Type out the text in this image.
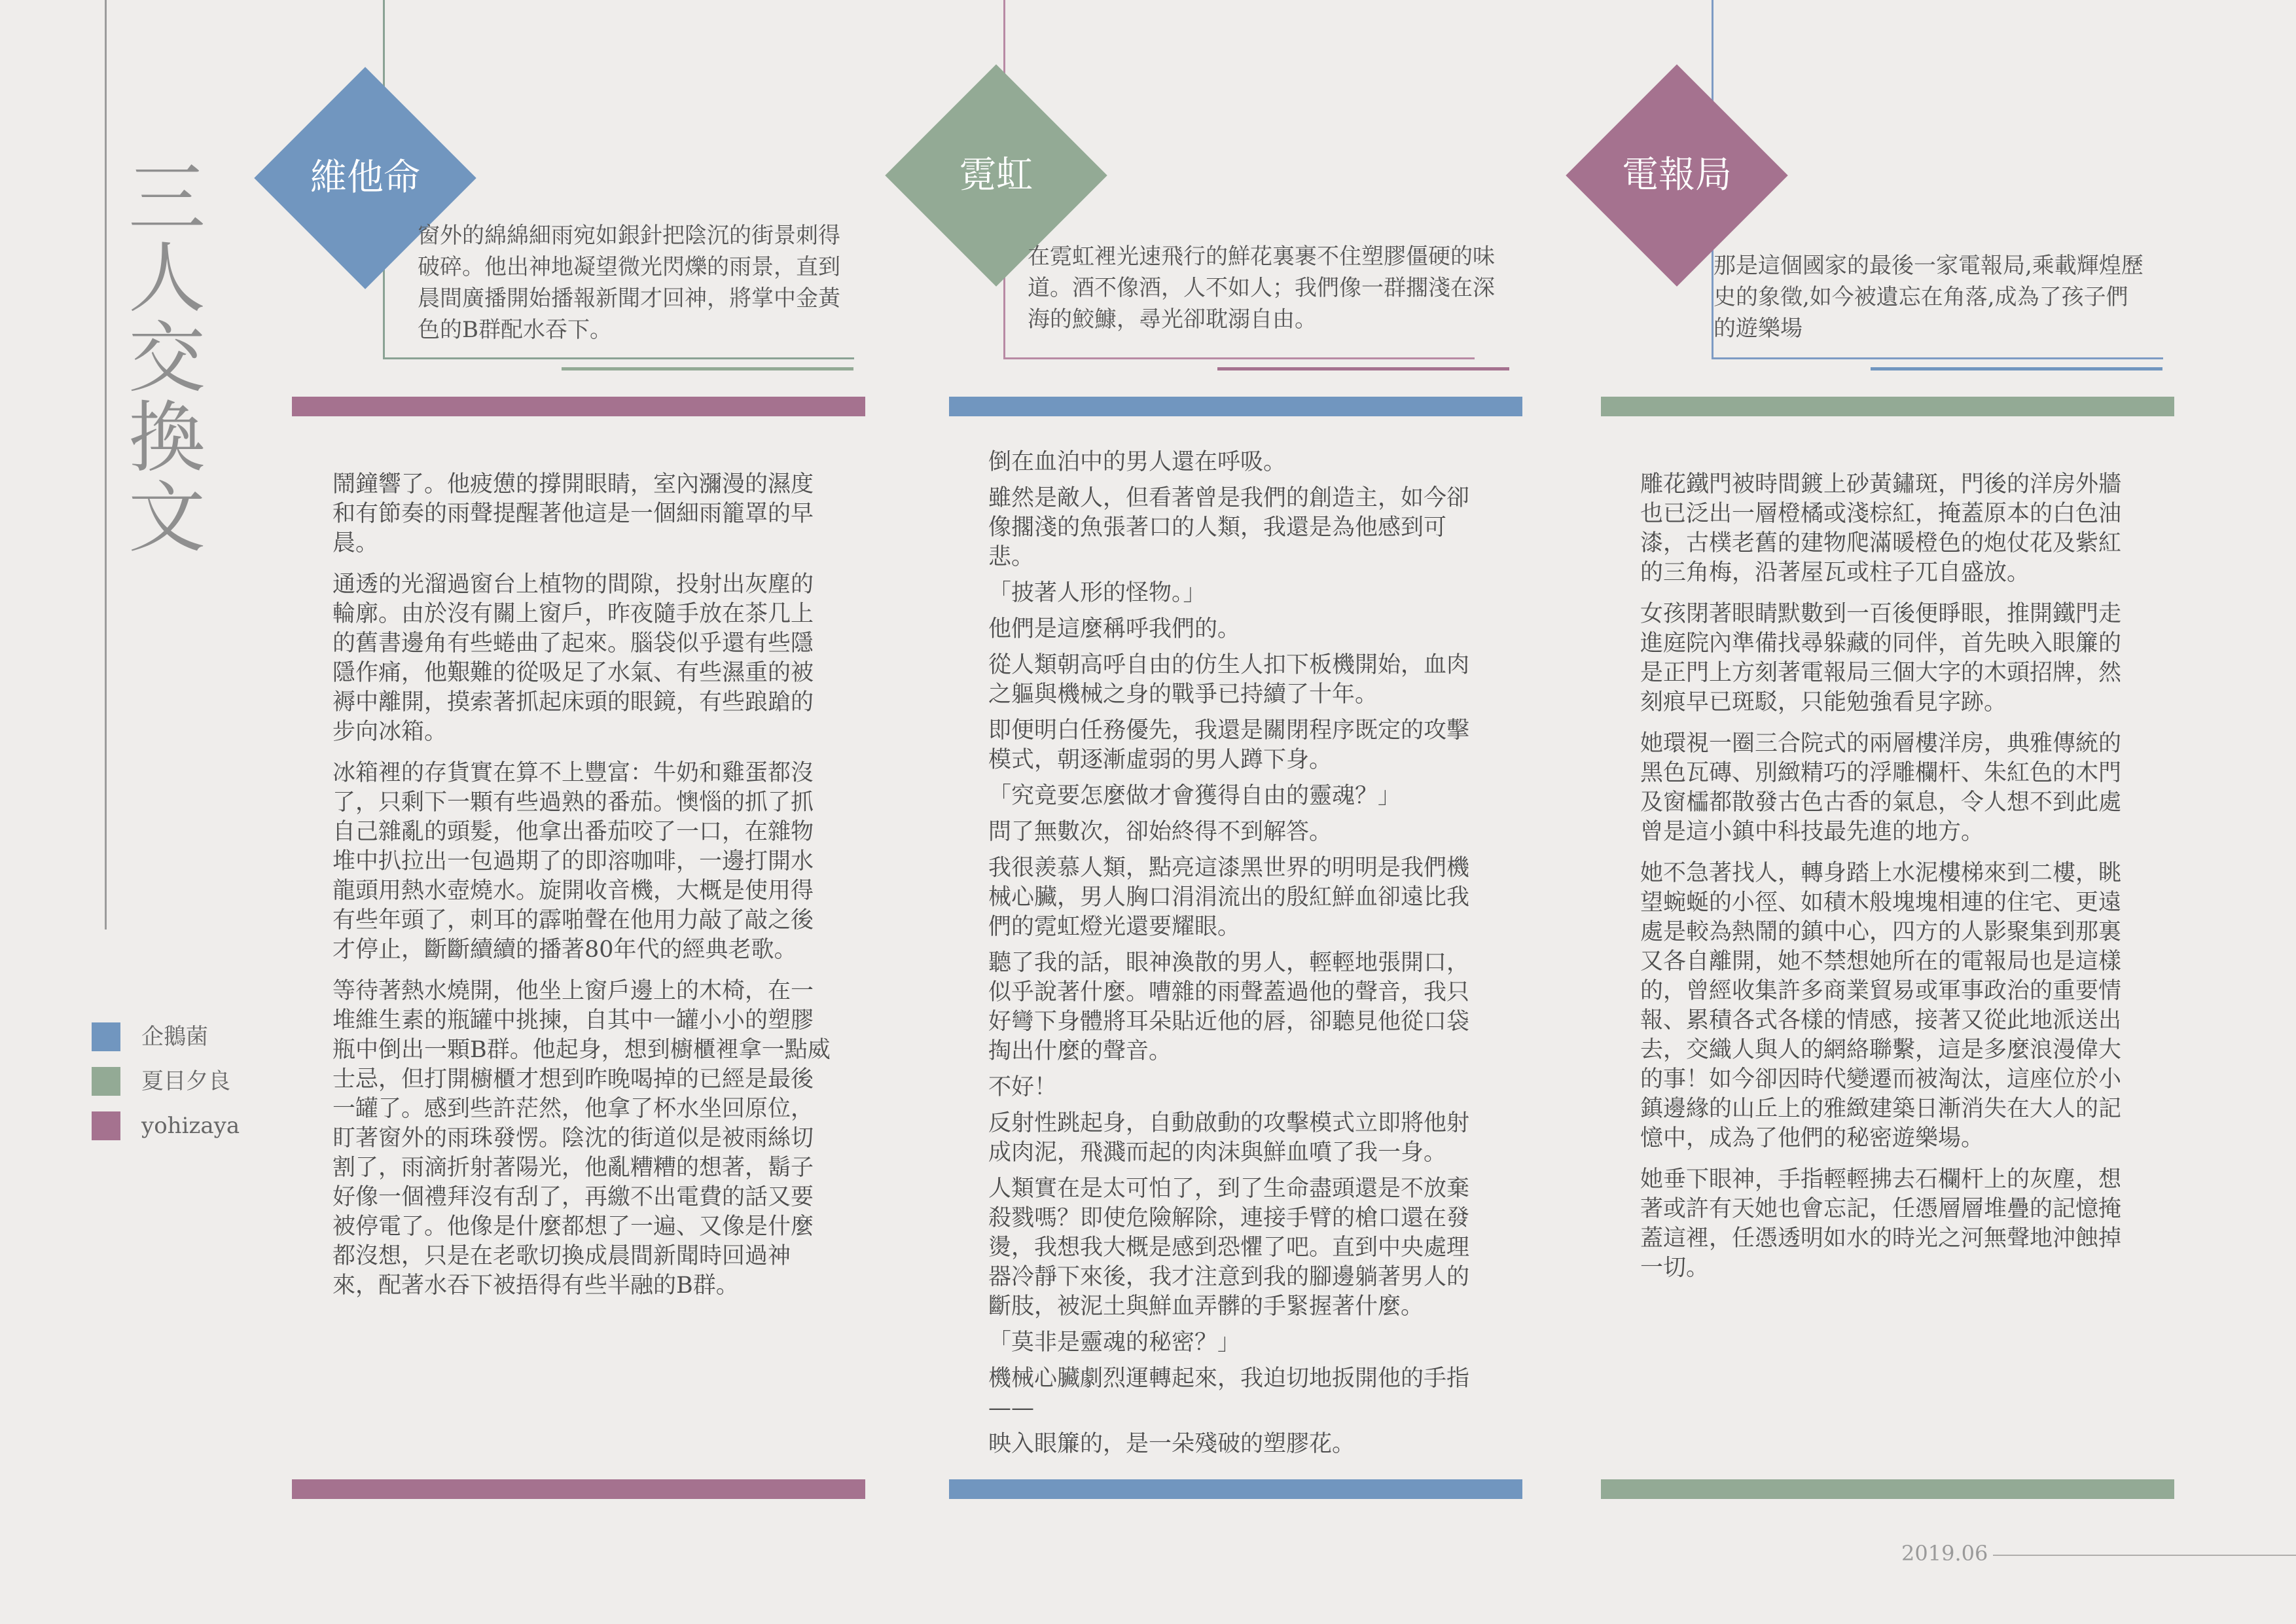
三人交換文
企鵝菌
夏目夕良
yohizaya
維他命	霓虹	電報局
窗外的綿綿細雨宛如銀針把陰沉的街景刺得破碎。他出神地凝望微光閃爍的雨景，直到晨間廣播開始播報新聞才回神，將掌中金黃色的B群配水吞下。
在霓虹裡光速飛行的鮮花裏裹不住塑膠僵硬的味道。酒不像酒，人不如人；我們像一群擱淺在深海的鮫鱇，尋光卻耽溺自由。
那是這個國家的最後一家電報局,乘載輝煌歷史的象徵,如今被遺忘在角落,成為了孩子們的遊樂場

鬧鐘響了。他疲憊的撐開眼睛，室內瀰漫的濕度和有節奏的雨聲提醒著他這是一個細雨籠罩的早晨。

通透的光溜過窗台上植物的間隙，投射出灰塵的輪廓。由於沒有關上窗戶，昨夜隨手放在茶几上的舊書邊角有些蜷曲了起來。腦袋似乎還有些隱隱作痛，他艱難的從吸足了水氣、有些濕重的被褥中離開，摸索著抓起床頭的眼鏡，有些踉蹌的步向冰箱。

冰箱裡的存貨實在算不上豐富：牛奶和雞蛋都沒了，只剩下一顆有些過熟的番茄。懊惱的抓了抓自己雜亂的頭髮，他拿出番茄咬了一口，在雜物堆中扒拉出一包過期了的即溶咖啡，一邊打開水龍頭用熱水壺燒水。旋開收音機，大概是使用得有些年頭了，刺耳的霹啪聲在他用力敲了敲之後才停止，斷斷續續的播著80年代的經典老歌。

等待著熱水燒開，他坐上窗戶邊上的木椅，在一堆維生素的瓶罐中挑揀，自其中一罐小小的塑膠瓶中倒出一顆B群。他起身，想到櫥櫃裡拿一點威士忌，但打開櫥櫃才想到昨晚喝掉的已經是最後一罐了。感到些許茫然，他拿了杯水坐回原位，盯著窗外的雨珠發愣。陰沈的街道似是被雨絲切割了，雨滴折射著陽光，他亂糟糟的想著，鬍子好像一個禮拜沒有刮了，再繳不出電費的話又要被停電了。他像是什麼都想了一遍、又像是什麼都沒想，只是在老歌切換成晨間新聞時回過神來，配著水吞下被捂得有些半融的B群。

倒在血泊中的男人還在呼吸。

雖然是敵人，但看著曾是我們的創造主，如今卻像擱淺的魚張著口的人類，我還是為他感到可悲。

「披著人形的怪物。」

他們是這麼稱呼我們的。

從人類朝高呼自由的仿生人扣下板機開始，血肉之軀與機械之身的戰爭已持續了十年。

即便明白任務優先，我還是關閉程序既定的攻擊模式，朝逐漸虛弱的男人蹲下身。

「究竟要怎麼做才會獲得自由的靈魂？」

問了無數次，卻始終得不到解答。

我很羨慕人類，點亮這漆黑世界的明明是我們機械心臟，男人胸口涓涓流出的殷紅鮮血卻遠比我們的霓虹燈光還要耀眼。

聽了我的話，眼神渙散的男人，輕輕地張開口，似乎說著什麼。嘈雜的雨聲蓋過他的聲音，我只好彎下身體將耳朵貼近他的唇，卻聽見他從口袋掏出什麼的聲音。

不好！

反射性跳起身，自動啟動的攻擊模式立即將他射成肉泥，飛濺而起的肉沫與鮮血噴了我一身。

人類實在是太可怕了，到了生命盡頭還是不放棄殺戮嗎？即使危險解除，連接手臂的槍口還在發燙，我想我大概是感到恐懼了吧。直到中央處理器冷靜下來後，我才注意到我的腳邊躺著男人的斷肢，被泥土與鮮血弄髒的手緊握著什麼。

「莫非是靈魂的秘密？」

機械心臟劇烈運轉起來，我迫切地扳開他的手指——

映入眼簾的，是一朵殘破的塑膠花。

雕花鐵門被時間鍍上砂黃鏽斑，門後的洋房外牆也已泛出一層橙橘或淺棕紅，掩蓋原本的白色油漆，古樸老舊的建物爬滿暖橙色的炮仗花及紫紅的三角梅，沿著屋瓦或柱子兀自盛放。

女孩閉著眼睛默數到一百後便睜眼，推開鐵門走進庭院內準備找尋躲藏的同伴，首先映入眼簾的是正門上方刻著電報局三個大字的木頭招牌，然刻痕早已斑駁，只能勉強看見字跡。

她環視一圈三合院式的兩層樓洋房，典雅傳統的黑色瓦磚、別緻精巧的浮雕欄杆、朱紅色的木門及窗櫺都散發古色古香的氣息，令人想不到此處曾是這小鎮中科技最先進的地方。

她不急著找人，轉身踏上水泥樓梯來到二樓，眺望蜿蜒的小徑、如積木般塊塊相連的住宅、更遠處是較為熱鬧的鎮中心，四方的人影聚集到那裏又各自離開，她不禁想她所在的電報局也是這樣的，曾經收集許多商業貿易或軍事政治的重要情報、累積各式各樣的情感，接著又從此地派送出去，交織人與人的網絡聯繫，這是多麼浪漫偉大的事！如今卻因時代變遷而被淘汰，這座位於小鎮邊緣的山丘上的雅緻建築日漸消失在大人的記憶中，成為了他們的秘密遊樂場。

她垂下眼神，手指輕輕拂去石欄杆上的灰塵，想著或許有天她也會忘記，任憑層層堆疊的記憶掩蓋這裡，任憑透明如水的時光之河無聲地沖蝕掉一切。

2019.06
